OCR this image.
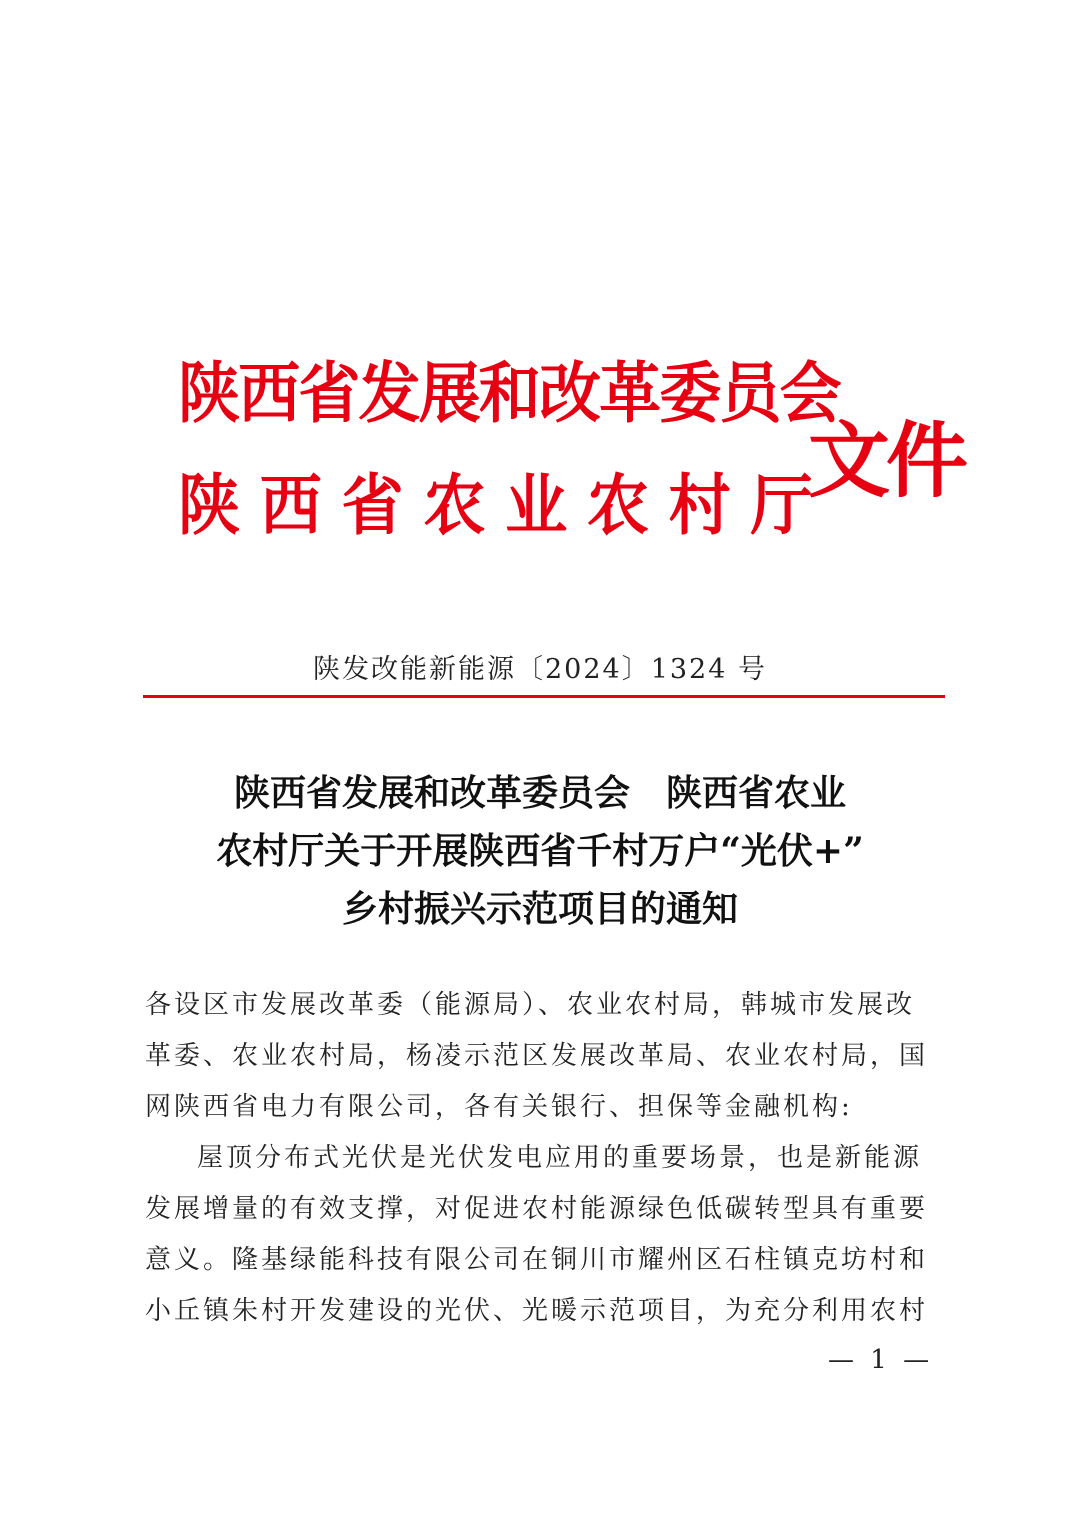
陕西省发展和改革委员会
陕西省农业农村厅
文件
陕发改能新能源〔2024〕1324 号
陕西省发展和改革委员会　陕西省农业
农村厅关于开展陕西省千村万户“光伏+”
乡村振兴示范项目的通知
各设区市发展改革委（能源局）、农业农村局，韩城市发展改
革委、农业农村局，杨凌示范区发展改革局、农业农村局，国
网陕西省电力有限公司，各有关银行、担保等金融机构:
屋顶分布式光伏是光伏发电应用的重要场景，也是新能源
发展增量的有效支撑，对促进农村能源绿色低碳转型具有重要
意义。隆基绿能科技有限公司在铜川市耀州区石柱镇克坊村和
小丘镇朱村开发建设的光伏、光暖示范项目，为充分利用农村
— 1 —
